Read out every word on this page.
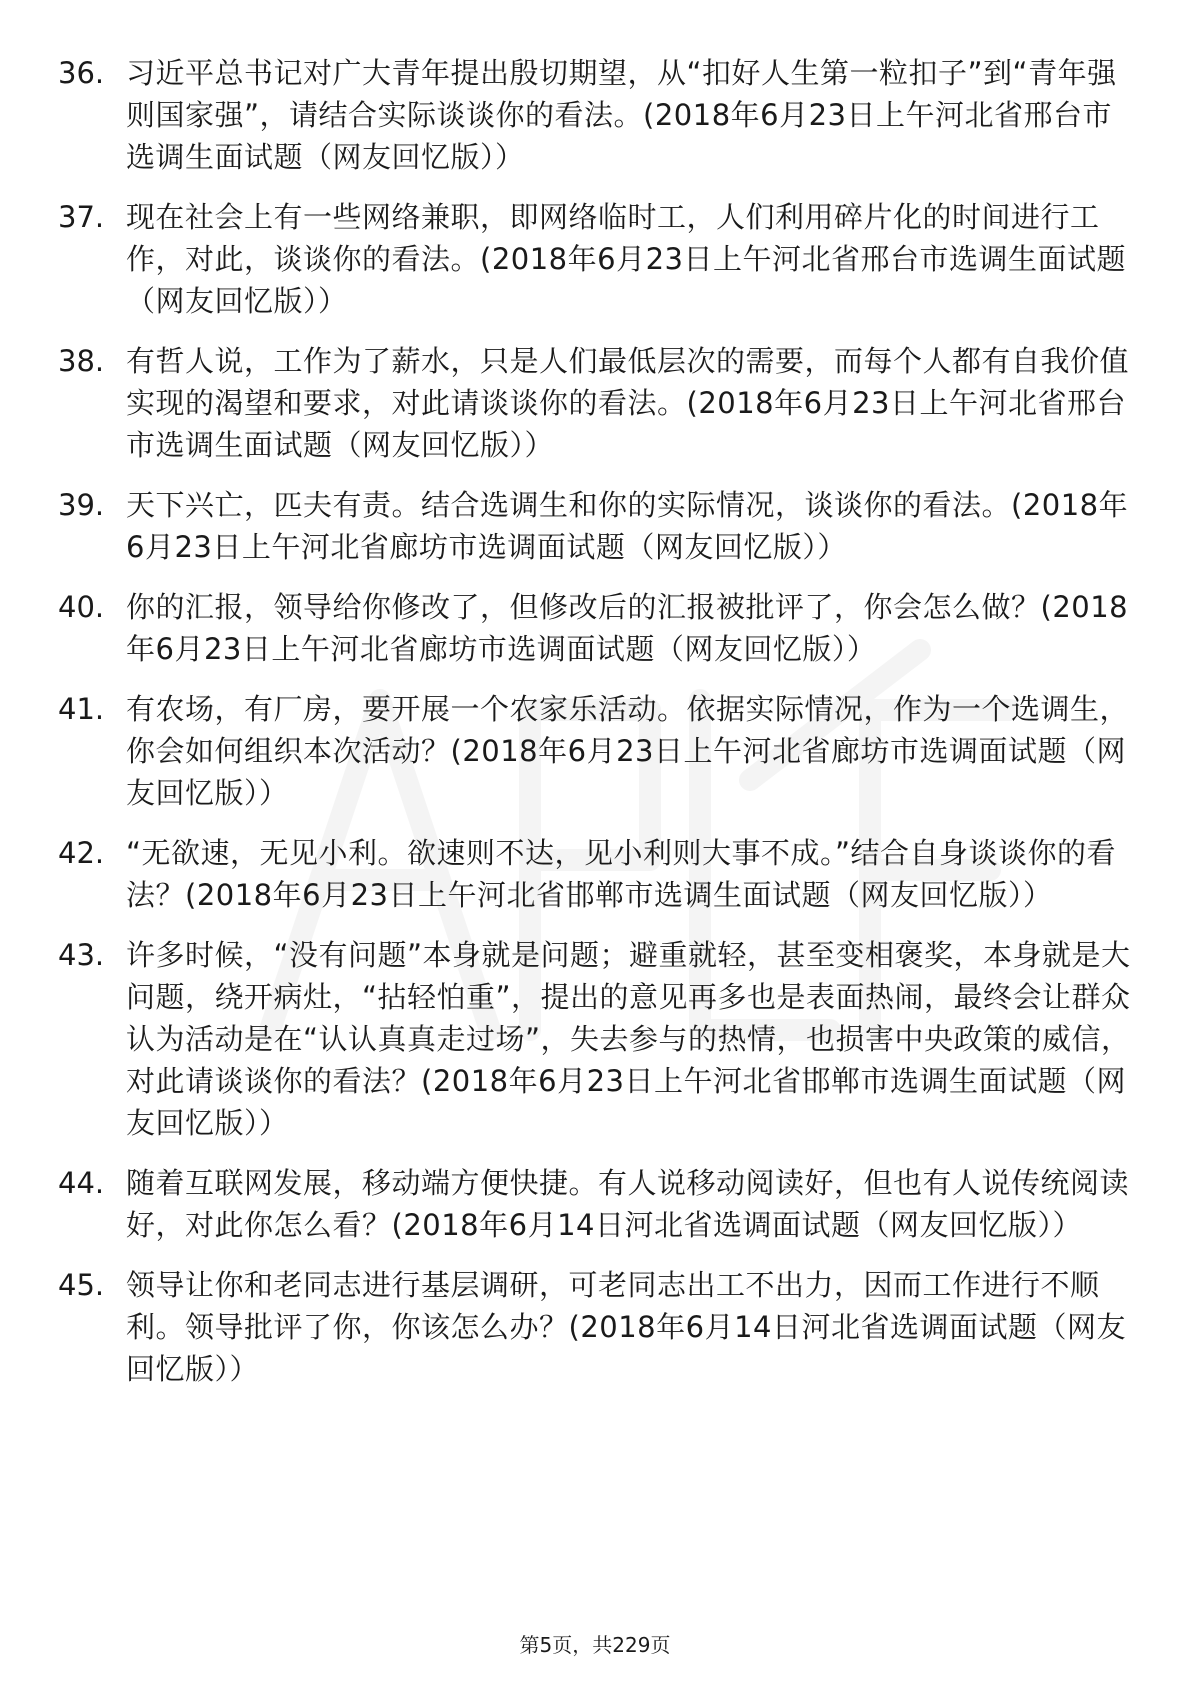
36. 习近平总书记对广大青年提出殷切期望，从“扣好人生第一粒扣子”到“青年强则国家强”，请结合实际谈谈你的看法。(2018年6月23日上午河北省邢台市选调生面试题（网友回忆版））
37. 现在社会上有一些网络兼职，即网络临时工，人们利用碎片化的时间进行工作，对此，谈谈你的看法。(2018年6月23日上午河北省邢台市选调生面试题（网友回忆版））
38. 有哲人说，工作为了薪水，只是人们最低层次的需要，而每个人都有自我价值实现的渴望和要求，对此请谈谈你的看法。(2018年6月23日上午河北省邢台市选调生面试题（网友回忆版））
39. 天下兴亡，匹夫有责。结合选调生和你的实际情况，谈谈你的看法。(2018年6月23日上午河北省廊坊市选调面试题（网友回忆版））
40. 你的汇报，领导给你修改了，但修改后的汇报被批评了，你会怎么做？(2018年6月23日上午河北省廊坊市选调面试题（网友回忆版））
41. 有农场，有厂房，要开展一个农家乐活动。依据实际情况，作为一个选调生，你会如何组织本次活动？(2018年6月23日上午河北省廊坊市选调面试题（网友回忆版））
42. “无欲速，无见小利。欲速则不达，见小利则大事不成。”结合自身谈谈你的看法？(2018年6月23日上午河北省邯郸市选调生面试题（网友回忆版））
43. 许多时候，“没有问题”本身就是问题；避重就轻，甚至变相褒奖，本身就是大问题，绕开病灶，“拈轻怕重”，提出的意见再多也是表面热闹，最终会让群众认为活动是在“认认真真走过场”，失去参与的热情，也损害中央政策的威信，对此请谈谈你的看法？(2018年6月23日上午河北省邯郸市选调生面试题（网友回忆版））
44. 随着互联网发展，移动端方便快捷。有人说移动阅读好，但也有人说传统阅读好，对此你怎么看？(2018年6月14日河北省选调面试题（网友回忆版））
45. 领导让你和老同志进行基层调研，可老同志出工不出力，因而工作进行不顺利。领导批评了你，你该怎么办？(2018年6月14日河北省选调面试题（网友回忆版））
第5页，共229页
